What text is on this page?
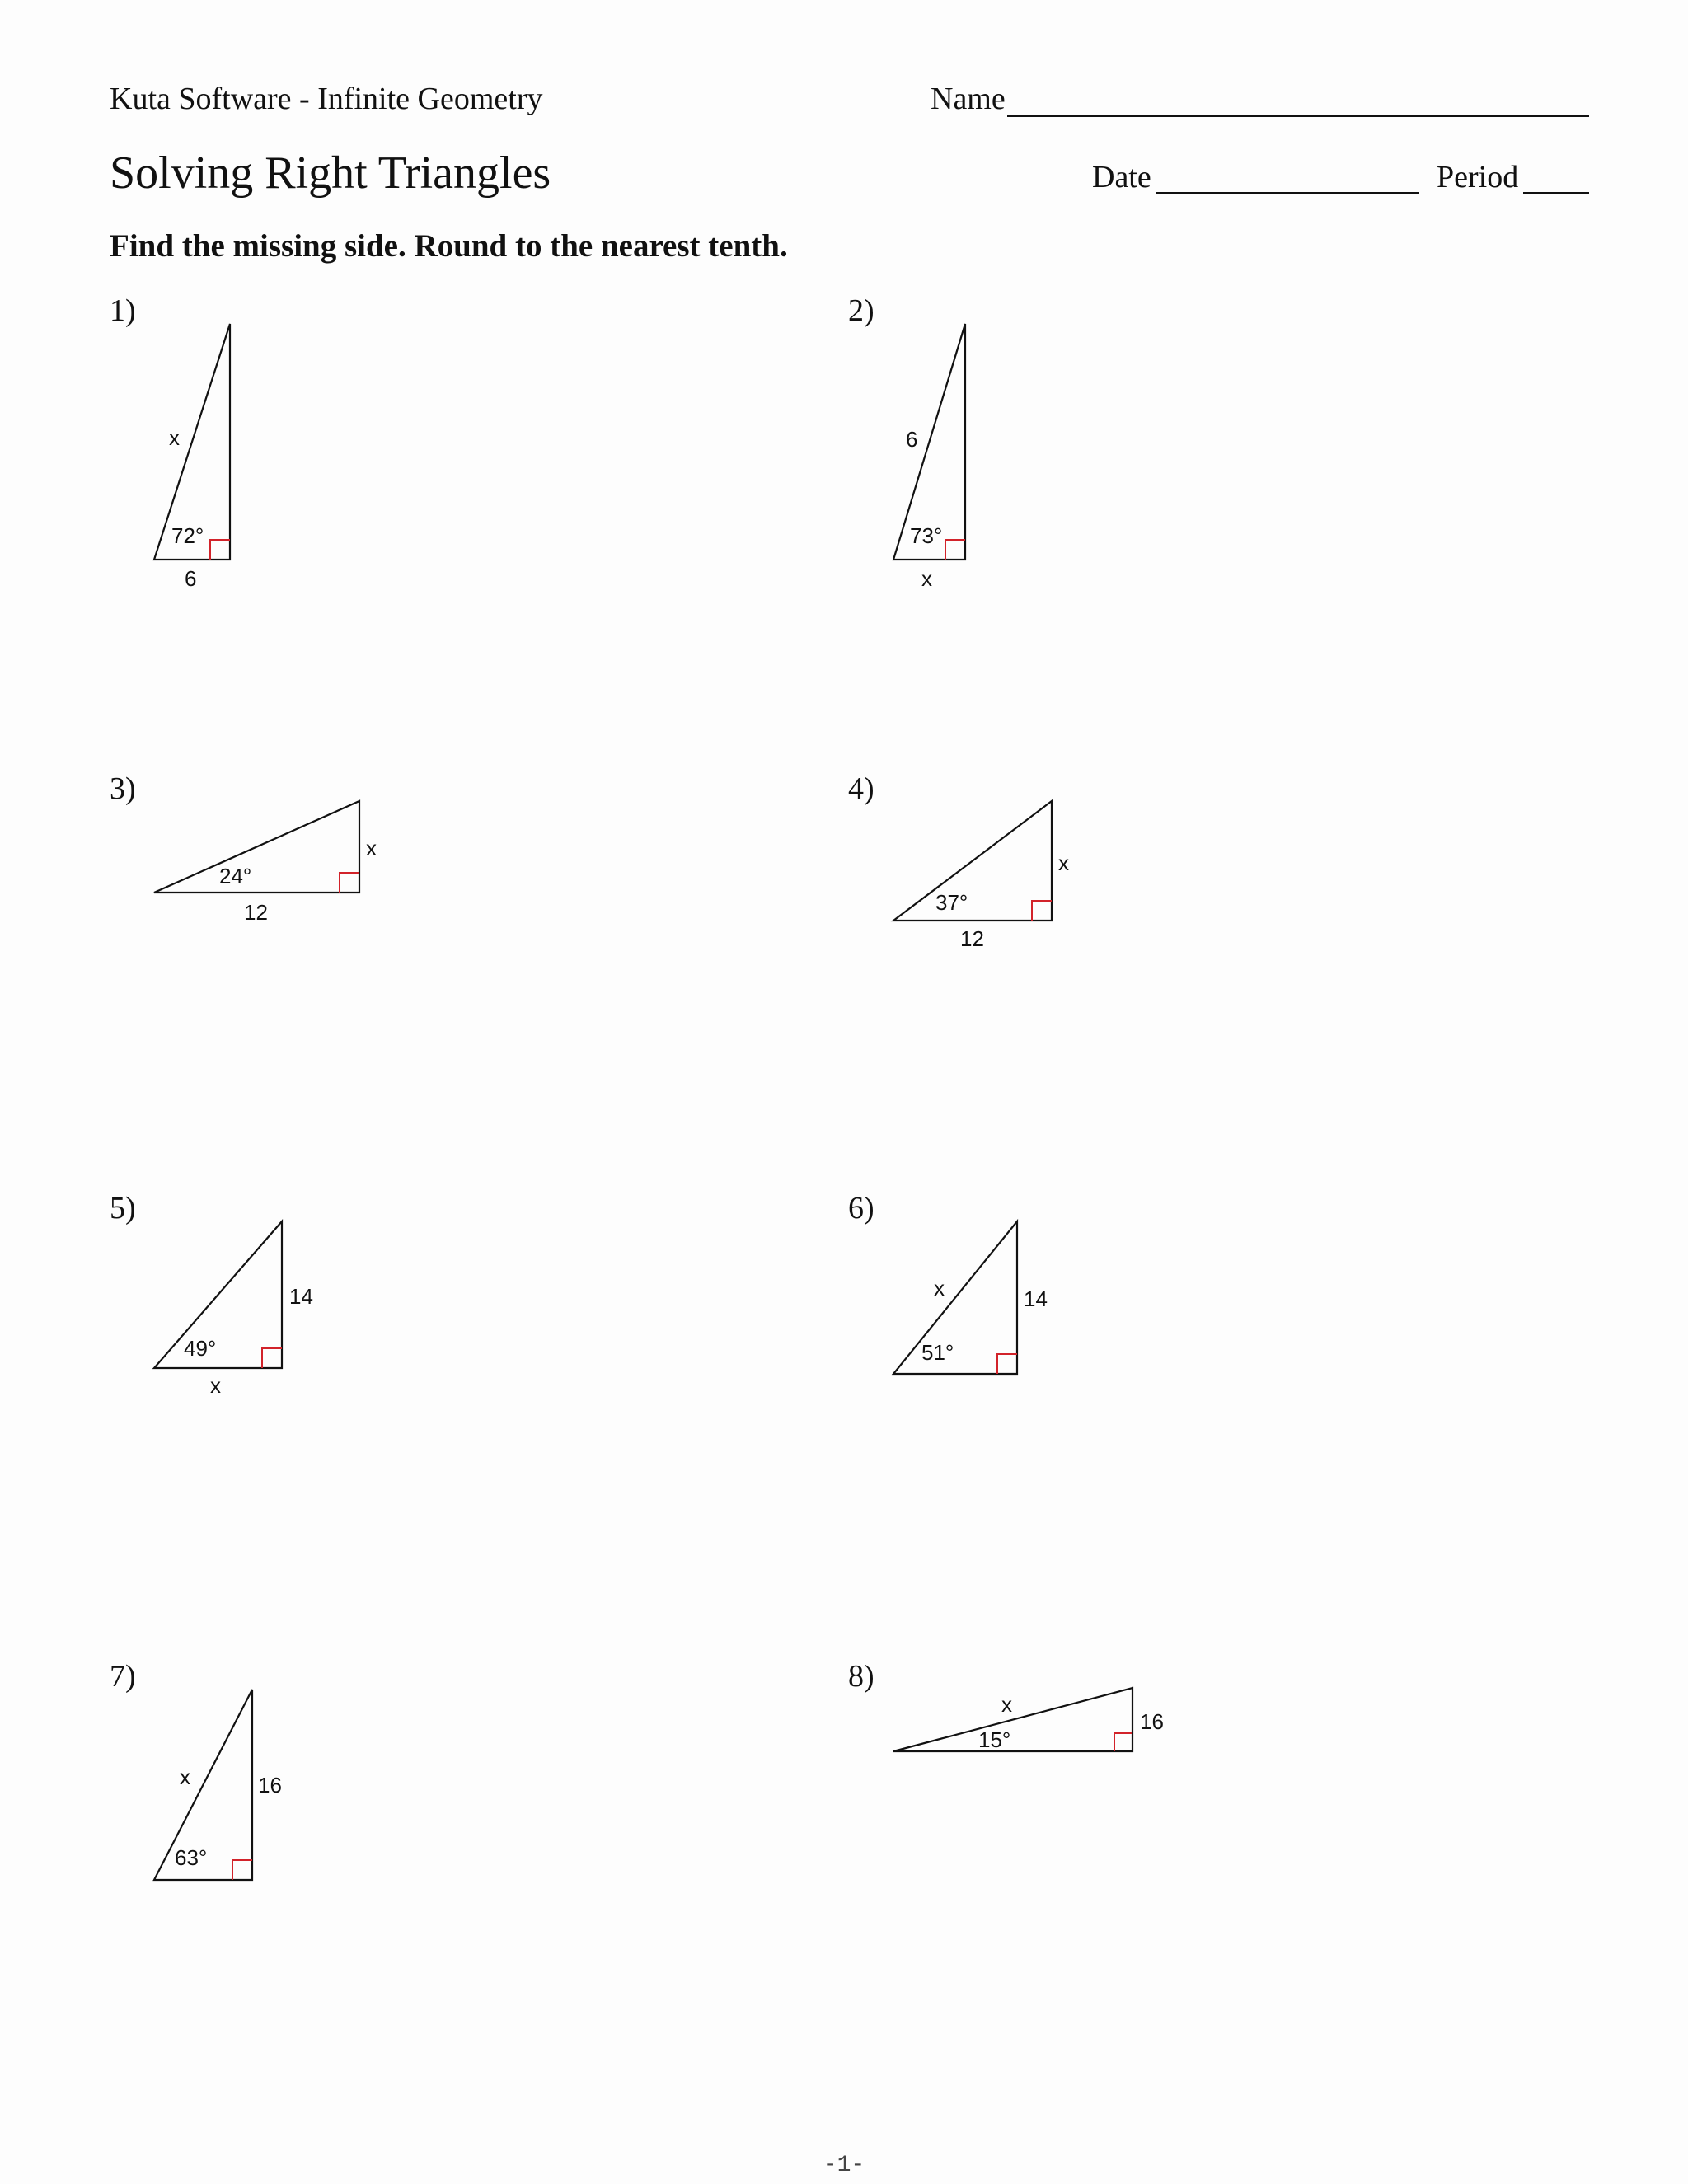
Kuta Software - Infinite Geometry	Name
Solving Right Triangles	Date	Period
Find the missing side. Round to the nearest tenth.
1)
72°
x
6
2)
73°
6
x
3)
24°
x
12
4)
37°
x
12
5)
49°
14
x
6)
51°
x	14
7)
63°
x	16
8)
15°
x
16
-1-
